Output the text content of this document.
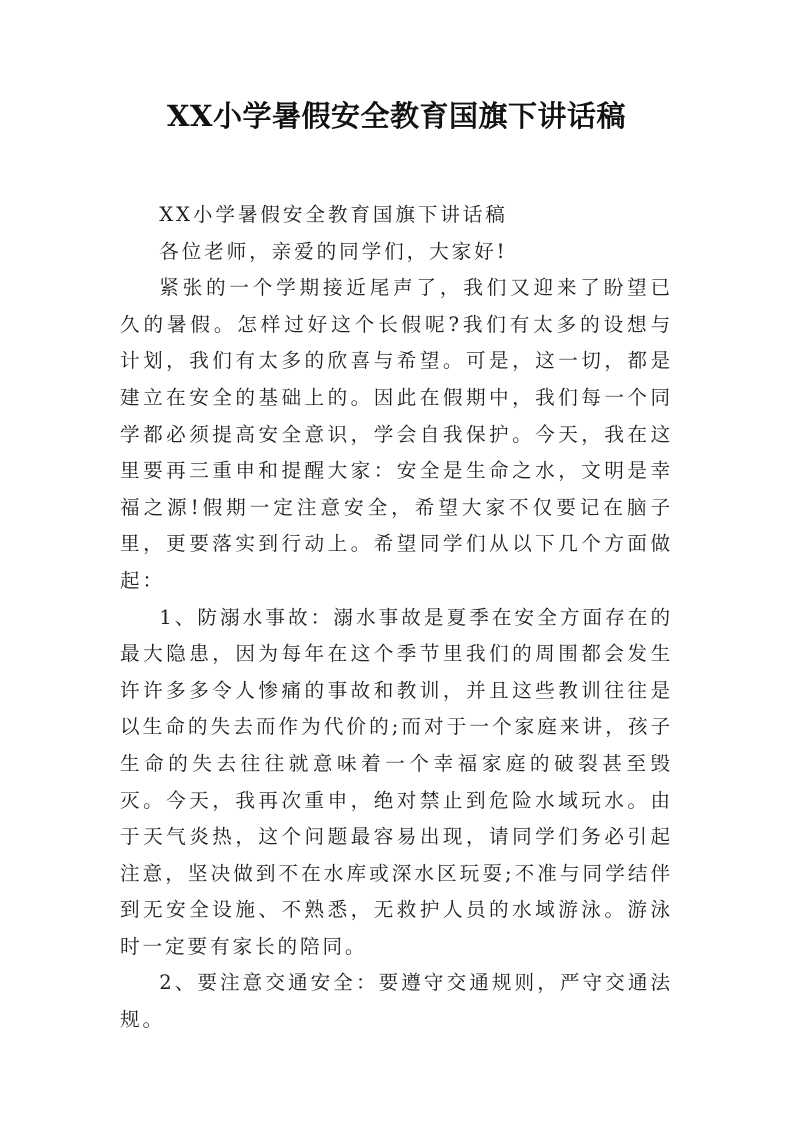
XX小学暑假安全教育国旗下讲话稿

XX小学暑假安全教育国旗下讲话稿

各位老师，亲爱的同学们，大家好!

紧张的一个学期接近尾声了，我们又迎来了盼望已久的暑假。怎样过好这个长假呢?我们有太多的设想与计划，我们有太多的欣喜与希望。可是，这一切，都是建立在安全的基础上的。因此在假期中，我们每一个同学都必须提高安全意识，学会自我保护。今天，我在这里要再三重申和提醒大家：安全是生命之水，文明是幸福之源!假期一定注意安全，希望大家不仅要记在脑子里，更要落实到行动上。希望同学们从以下几个方面做起：

1、防溺水事故：溺水事故是夏季在安全方面存在的最大隐患，因为每年在这个季节里我们的周围都会发生许许多多令人惨痛的事故和教训，并且这些教训往往是以生命的失去而作为代价的;而对于一个家庭来讲，孩子生命的失去往往就意味着一个幸福家庭的破裂甚至毁灭。今天，我再次重申，绝对禁止到危险水域玩水。由于天气炎热，这个问题最容易出现，请同学们务必引起注意，坚决做到不在水库或深水区玩耍;不准与同学结伴到无安全设施、不熟悉，无救护人员的水域游泳。游泳时一定要有家长的陪同。

2、要注意交通安全：要遵守交通规则，严守交通法规。
